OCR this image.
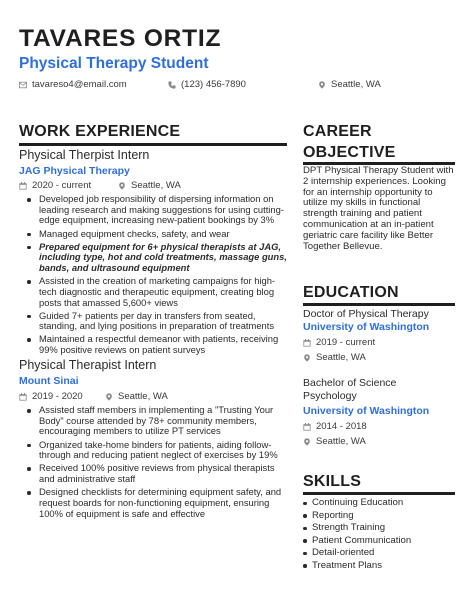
TAVARES ORTIZ
Physical Therapy Student
tavareso4@email.com	(123) 456-7890	Seattle, WA
WORK EXPERIENCE
Physical Therpist Intern
JAG Physical Therapy
2020 - current	Seattle, WA
Developed job responsibility of dispersing information on leading research and making suggestions for using cutting-edge equipment, increasing new-patient bookings by 3%
Managed equipment checks, safety, and wear
Prepared equipment for 6+ physical therapists at JAG, including type, hot and cold treatments, massage guns, bands, and ultrasound equipment
Assisted in the creation of marketing campaigns for high-tech diagnostic and therapeutic equipment, creating blog posts that amassed 5,600+ views
Guided 7+ patients per day in transfers from seated, standing, and lying positions in preparation of treatments
Maintained a respectful demeanor with patients, receiving 99% positive reviews on patient surveys
Physical Therapist Intern
Mount Sinai
2019 - 2020	Seattle, WA
Assisted staff members in implementing a "Trusting Your Body" course attended by 78+ community members, encouraging members to utilize PT services
Organized take-home binders for patients, aiding follow-through and reducing patient neglect of exercises by 19%
Received 100% positive reviews from physical therapists and administrative staff
Designed checklists for determining equipment safety, and request boards for non-functioning equipment, ensuring 100% of equipment is safe and effective
CAREER
OBJECTIVE
DPT Physical Therapy Student with 2 internship experiences. Looking for an internship opportunity to utilize my skills in functional strength training and patient communication at an in-patient geriatric care facility like Better Together Bellevue.
EDUCATION
Doctor of Physical Therapy
University of Washington
2019 - current
Seattle, WA
Bachelor of Science Psychology
University of Washington
2014 - 2018
Seattle, WA
SKILLS
Continuing Education
Reporting
Strength Training
Patient Communication
Detail-oriented
Treatment Plans
